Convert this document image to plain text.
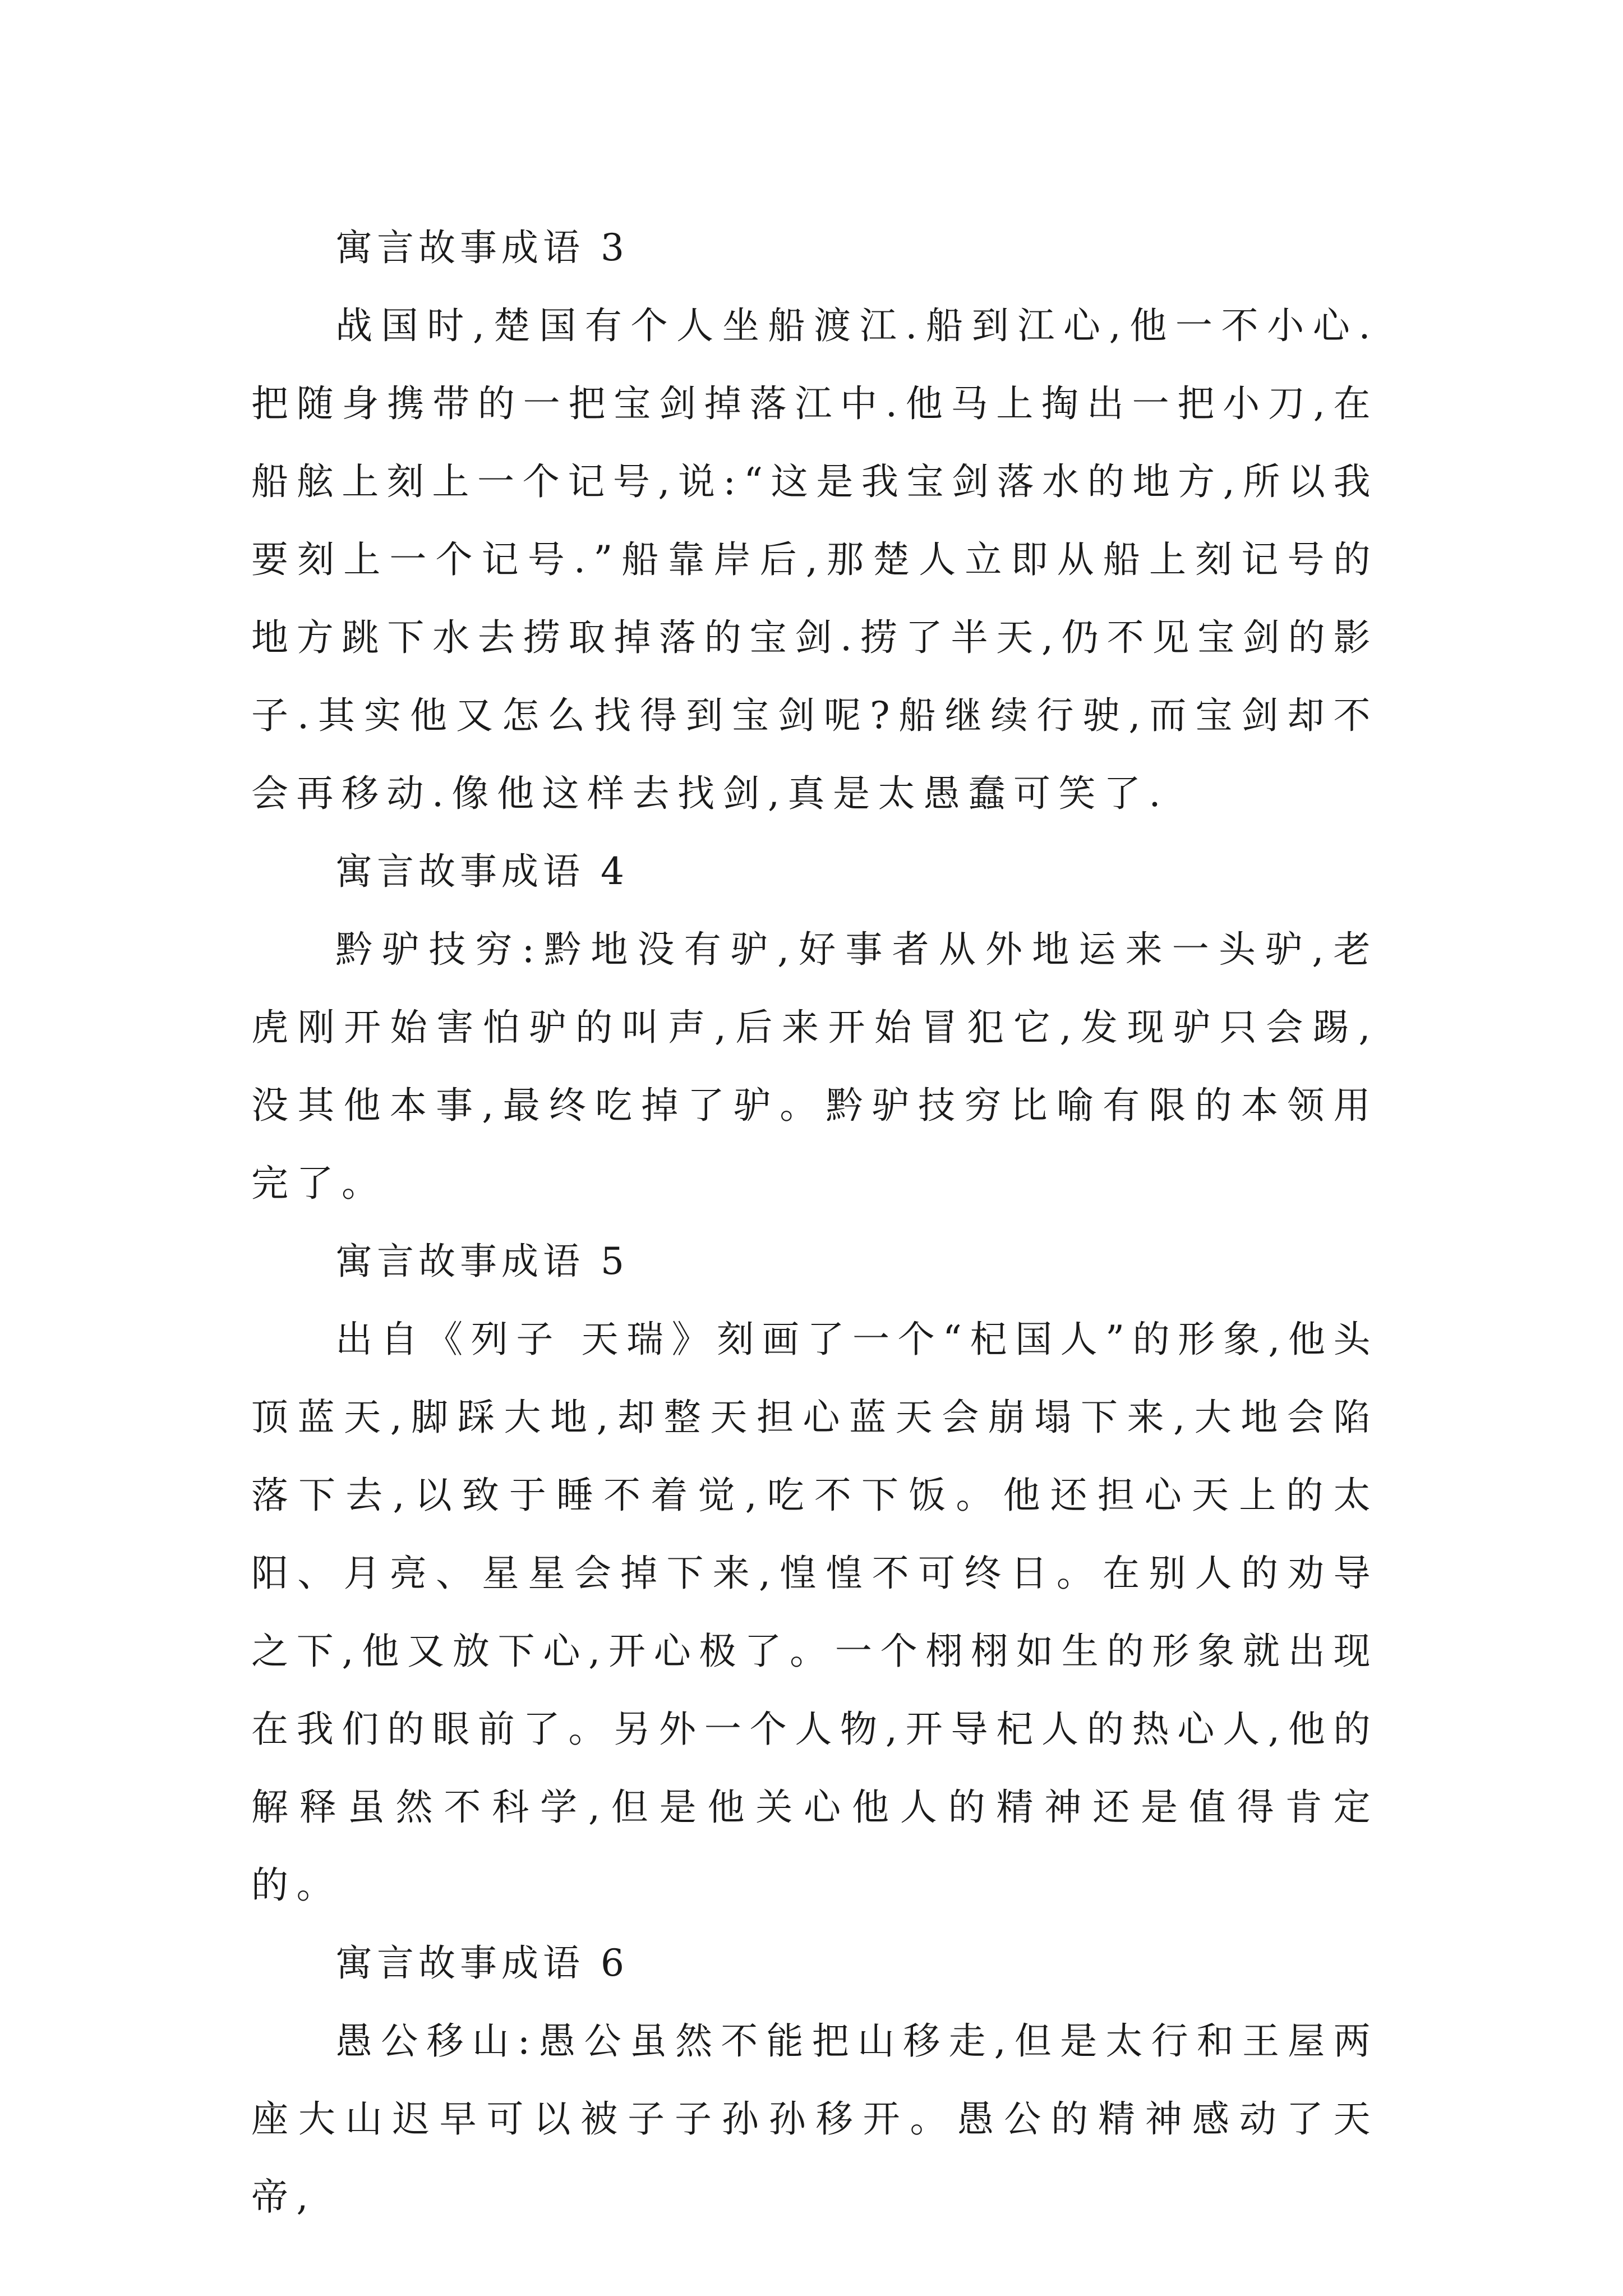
寓言故事成语 3

战国时,楚国有个人坐船渡江.船到江心,他一不小心.把随身携带的一把宝剑掉落江中.他马上掏出一把小刀,在船舷上刻上一个记号,说:“这是我宝剑落水的地方,所以我要刻上一个记号.”船靠岸后,那楚人立即从船上刻记号的地方跳下水去捞取掉落的宝剑.捞了半天,仍不见宝剑的影子.其实他又怎么找得到宝剑呢?船继续行驶,而宝剑却不会再移动.像他这样去找剑,真是太愚蠢可笑了.

寓言故事成语 4

黔驴技穷:黔地没有驴,好事者从外地运来一头驴,老虎刚开始害怕驴的叫声,后来开始冒犯它,发现驴只会踢,没其他本事,最终吃掉了驴。黔驴技穷比喻有限的本领用完了。

寓言故事成语 5

出自《列子 天瑞》刻画了一个“杞国人”的形象,他头顶蓝天,脚踩大地,却整天担心蓝天会崩塌下来,大地会陷落下去,以致于睡不着觉,吃不下饭。他还担心天上的太阳、月亮、星星会掉下来,惶惶不可终日。在别人的劝导之下,他又放下心,开心极了。一个栩栩如生的形象就出现在我们的眼前了。另外一个人物,开导杞人的热心人,他的解释虽然不科学,但是他关心他人的精神还是值得肯定的。

寓言故事成语 6

愚公移山:愚公虽然不能把山移走,但是太行和王屋两座大山迟早可以被子子孙孙移开。愚公的精神感动了天帝,
